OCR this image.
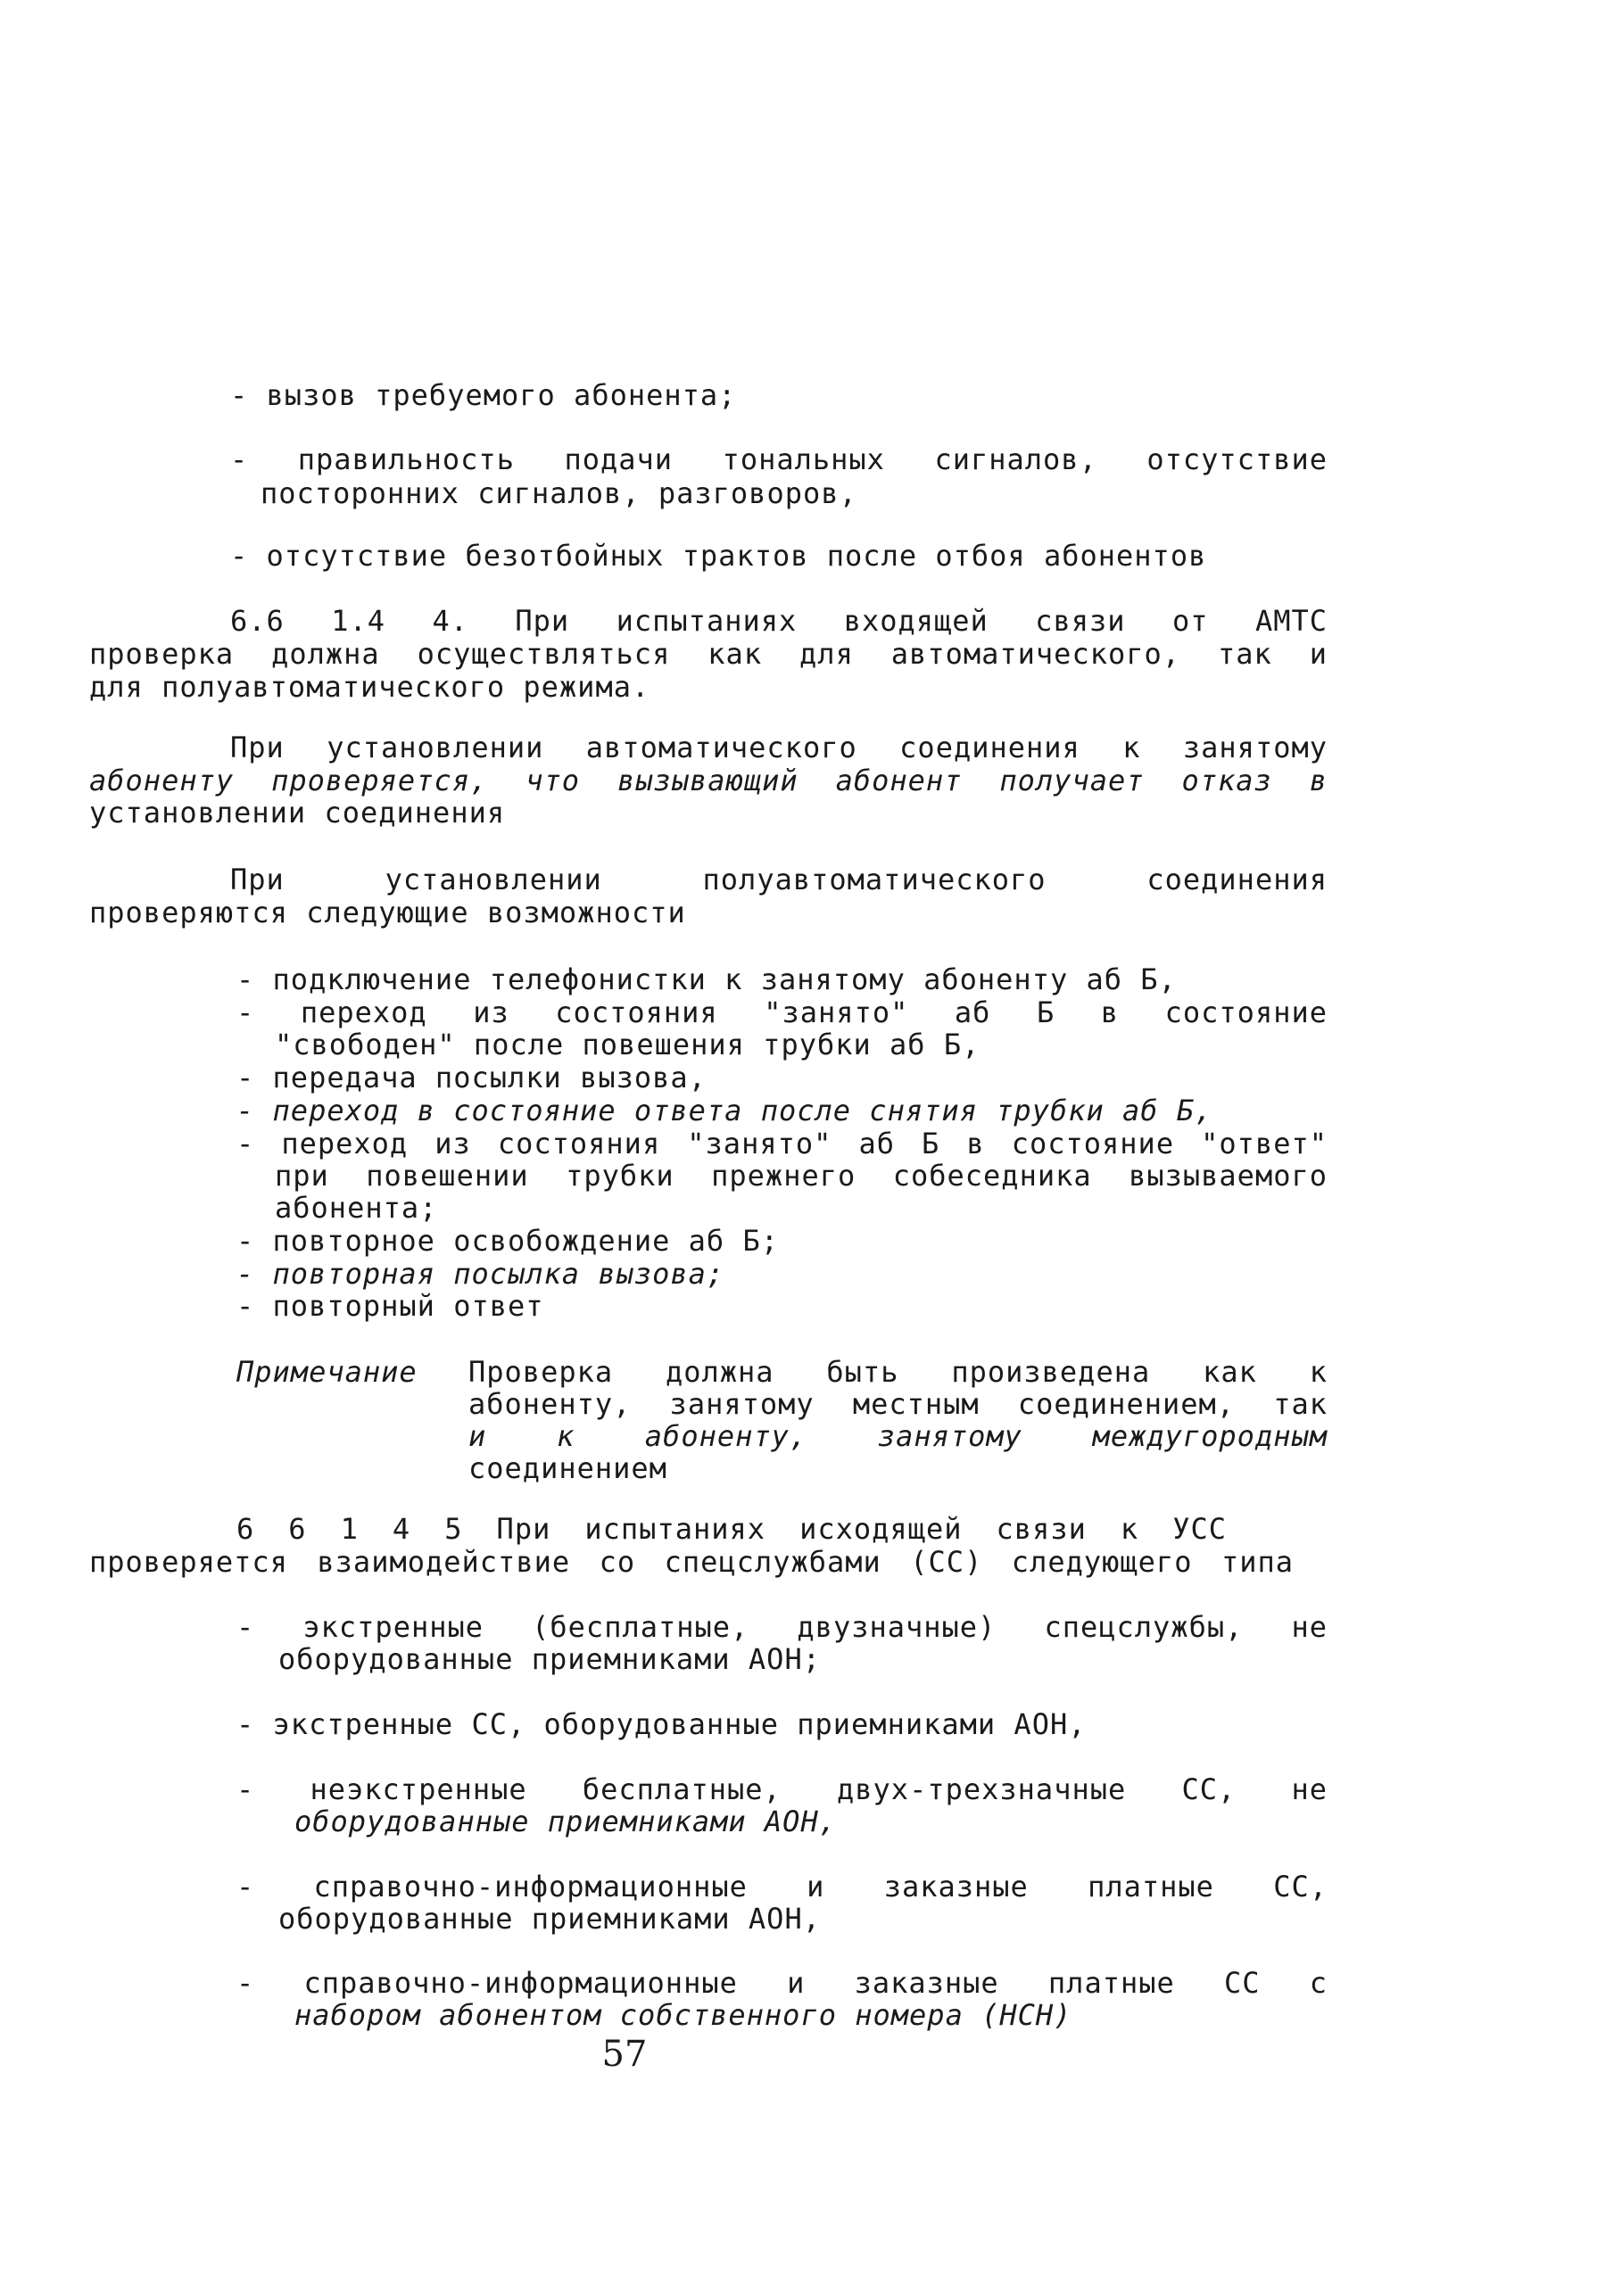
- вызов требуемого абонента;
- правильность подачи тональных сигналов, отсутствие
посторонних сигналов, разговоров,
- отсутствие безотбойных трактов после отбоя абонентов
6.6 1.4 4. При испытаниях входящей связи от АМТС
проверка должна осуществляться как для автоматического, так и
для полуавтоматического режима.
При установлении автоматического соединения к занятому
абоненту проверяется, что вызывающий абонент получает отказ в
установлении соединения
При установлении полуавтоматического соединения
проверяются следующие возможности
- подключение телефонистки к занятому абоненту аб Б,
- переход из состояния "занято" аб Б в состояние
"свободен" после повешения трубки аб Б,
- передача посылки вызова,
- переход в состояние ответа после снятия трубки аб Б,
- переход из состояния "занято" аб Б в состояние "ответ"
при повешении трубки прежнего собеседника вызываемого
абонента;
- повторное освобождение аб Б;
- повторная посылка вызова;
- повторный ответ
Примечание	Проверка должна быть произведена как к
абоненту, занятому местным соединением, так
и к абоненту, занятому междугородным
соединением
6 6 1 4 5 При испытаниях исходящей связи к УСС
проверяется взаимодействие со спецслужбами (СС) следующего типа
- экстренные (бесплатные, двузначные) спецслужбы, не
оборудованные приемниками АОН;
- экстренные СС, оборудованные приемниками АОН,
- неэкстренные бесплатные, двух-трехзначные СС, не
оборудованные приемниками АОН,
- справочно-информационные и заказные платные СС,
оборудованные приемниками АОН,
- справочно-информационные и заказные платные СС с
набором абонентом собственного номера (НСН)
57
